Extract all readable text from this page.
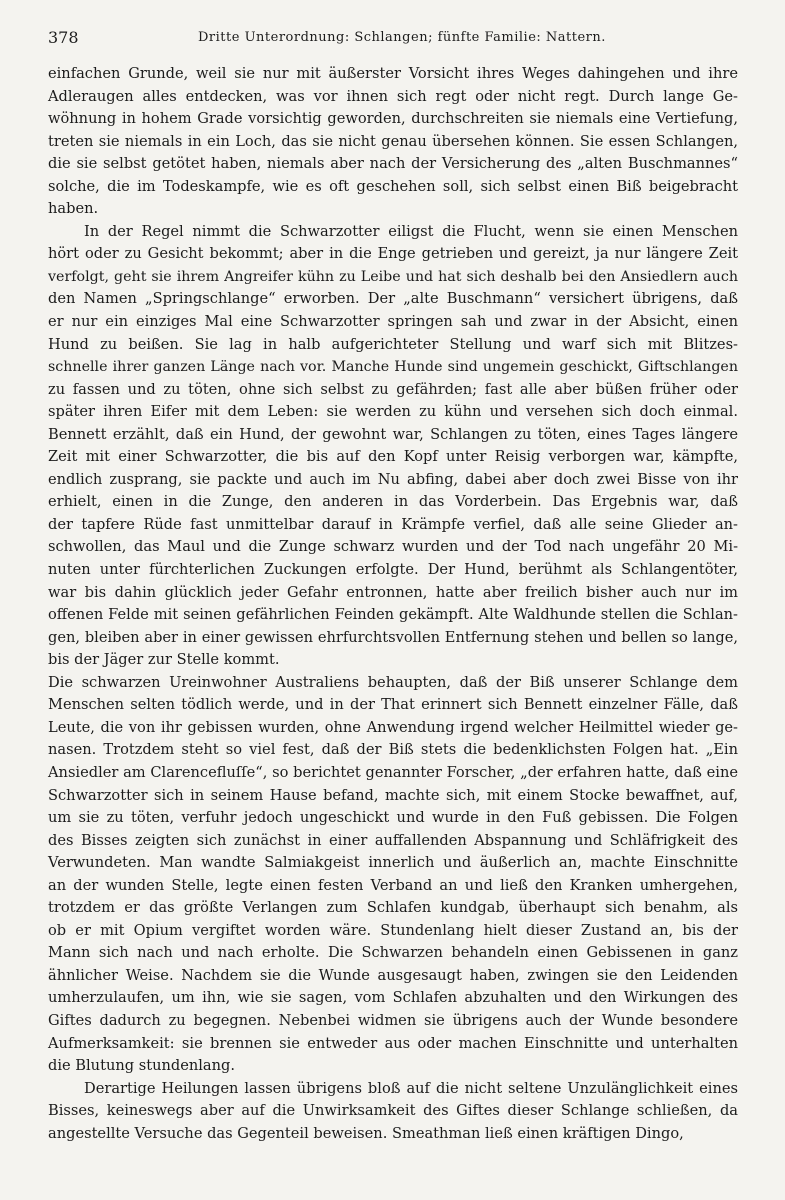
378	Dritte Unterordnung: Schlangen; fünfte Familie: Nattern.

einfachen Grunde, weil sie nur mit äußerster Vorsicht ihres Weges dahingehen und ihre

Adleraugen alles entdecken, was vor ihnen sich regt oder nicht regt. Durch lange Ge-

wöhnung in hohem Grade vorsichtig geworden, durchschreiten sie niemals eine Vertiefung,

treten sie niemals in ein Loch, das sie nicht genau übersehen können. Sie essen Schlangen,

die sie selbst getötet haben, niemals aber nach der Versicherung des „alten Buschmannes“

solche, die im Todeskampfe, wie es oft geschehen soll, sich selbst einen Biß beigebracht

haben.

In der Regel nimmt die Schwarzotter eiligst die Flucht, wenn sie einen Menschen

hört oder zu Gesicht bekommt; aber in die Enge getrieben und gereizt, ja nur längere Zeit

verfolgt, geht sie ihrem Angreifer kühn zu Leibe und hat sich deshalb bei den Ansiedlern auch

den Namen „Springschlange“ erworben. Der „alte Buschmann“ versichert übrigens, daß

er nur ein einziges Mal eine Schwarzotter springen sah und zwar in der Absicht, einen

Hund zu beißen. Sie lag in halb aufgerichteter Stellung und warf sich mit Blitzes-

schnelle ihrer ganzen Länge nach vor. Manche Hunde sind ungemein geschickt, Giftschlangen

zu fassen und zu töten, ohne sich selbst zu gefährden; fast alle aber büßen früher oder

später ihren Eifer mit dem Leben: sie werden zu kühn und versehen sich doch einmal.

Bennett erzählt, daß ein Hund, der gewohnt war, Schlangen zu töten, eines Tages längere

Zeit mit einer Schwarzotter, die bis auf den Kopf unter Reisig verborgen war, kämpfte,

endlich zusprang, sie packte und auch im Nu abfing, dabei aber doch zwei Bisse von ihr

erhielt, einen in die Zunge, den anderen in das Vorderbein. Das Ergebnis war, daß

der tapfere Rüde fast unmittelbar darauf in Krämpfe verfiel, daß alle seine Glieder an-

schwollen, das Maul und die Zunge schwarz wurden und der Tod nach ungefähr 20 Mi-

nuten unter fürchterlichen Zuckungen erfolgte. Der Hund, berühmt als Schlangentöter,

war bis dahin glücklich jeder Gefahr entronnen, hatte aber freilich bisher auch nur im

offenen Felde mit seinen gefährlichen Feinden gekämpft. Alte Waldhunde stellen die Schlan-

gen, bleiben aber in einer gewissen ehrfurchtsvollen Entfernung stehen und bellen so lange,

bis der Jäger zur Stelle kommt.

Die schwarzen Ureinwohner Australiens behaupten, daß der Biß unserer Schlange dem

Menschen selten tödlich werde, und in der That erinnert sich Bennett einzelner Fälle, daß

Leute, die von ihr gebissen wurden, ohne Anwendung irgend welcher Heilmittel wieder ge-

nasen. Trotzdem steht so viel fest, daß der Biß stets die bedenklichsten Folgen hat. „Ein

Ansiedler am Clarencefluſſe“, so berichtet genannter Forscher, „der erfahren hatte, daß eine

Schwarzotter sich in seinem Hause befand, machte sich, mit einem Stocke bewaffnet, auf,

um sie zu töten, verfuhr jedoch ungeschickt und wurde in den Fuß gebissen. Die Folgen

des Bisses zeigten sich zunächst in einer auffallenden Abspannung und Schläfrigkeit des

Verwundeten. Man wandte Salmiakgeist innerlich und äußerlich an, machte Einschnitte

an der wunden Stelle, legte einen festen Verband an und ließ den Kranken umhergehen,

trotzdem er das größte Verlangen zum Schlafen kundgab, überhaupt sich benahm, als

ob er mit Opium vergiftet worden wäre. Stundenlang hielt dieser Zustand an, bis der

Mann sich nach und nach erholte. Die Schwarzen behandeln einen Gebissenen in ganz

ähnlicher Weise. Nachdem sie die Wunde ausgesaugt haben, zwingen sie den Leidenden

umherzulaufen, um ihn, wie sie sagen, vom Schlafen abzuhalten und den Wirkungen des

Giftes dadurch zu begegnen. Nebenbei widmen sie übrigens auch der Wunde besondere

Aufmerksamkeit: sie brennen sie entweder aus oder machen Einschnitte und unterhalten

die Blutung stundenlang.

Derartige Heilungen lassen übrigens bloß auf die nicht seltene Unzulänglichkeit eines

Bisses, keineswegs aber auf die Unwirksamkeit des Giftes dieser Schlange schließen, da

angestellte Versuche das Gegenteil beweisen. Smeathman ließ einen kräftigen Dingo,
